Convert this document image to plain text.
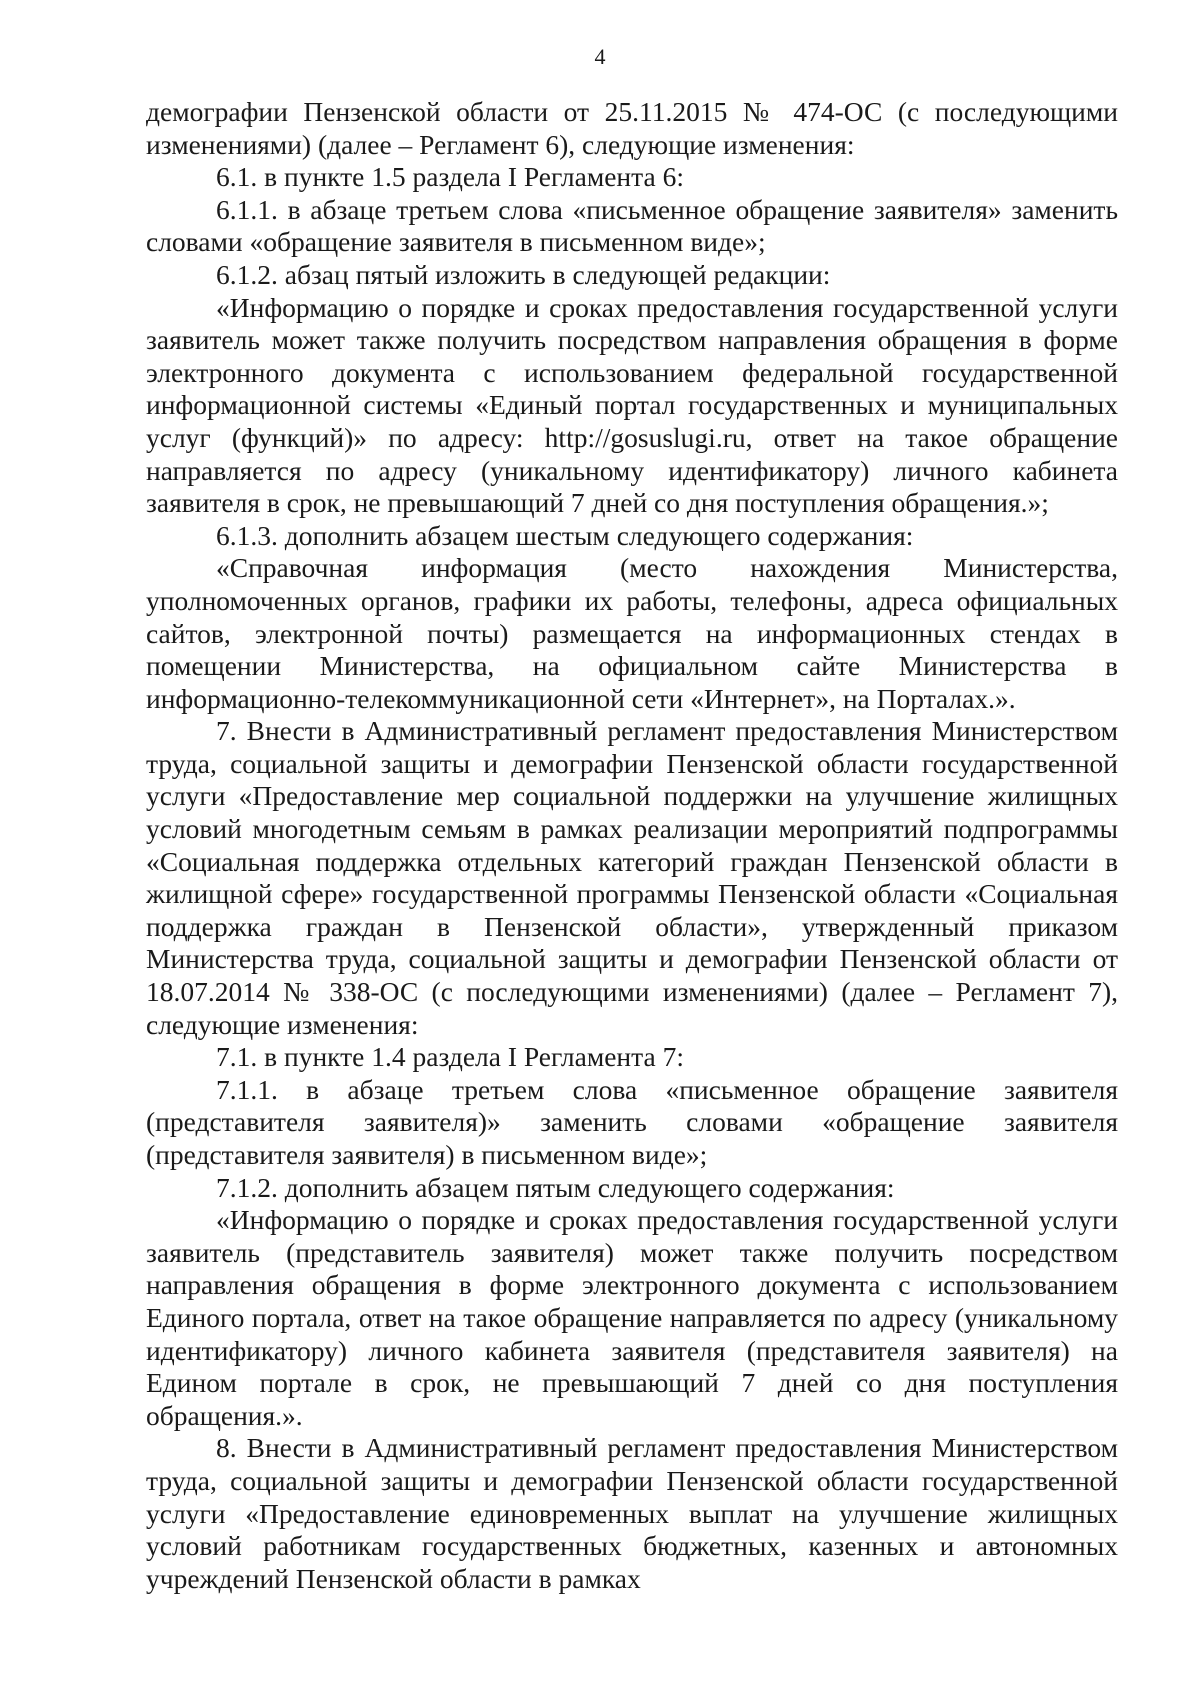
4

демографии Пензенской области от 25.11.2015 № 474-ОС (с последующими изменениями) (далее – Регламент 6), следующие изменения:

6.1. в пункте 1.5 раздела I Регламента 6:

6.1.1. в абзаце третьем слова «письменное обращение заявителя» заменить словами «обращение заявителя в письменном виде»;

6.1.2. абзац пятый изложить в следующей редакции:

«Информацию о порядке и сроках предоставления государственной услуги заявитель может также получить посредством направления обращения в форме электронного документа с использованием федеральной государственной информационной системы «Единый портал государственных и муниципальных услуг (функций)» по адресу: http://gosuslugi.ru, ответ на такое обращение направляется по адресу (уникальному идентификатору) личного кабинета заявителя в срок, не превышающий 7 дней со дня поступления обращения.»;

6.1.3. дополнить абзацем шестым следующего содержания:

«Справочная информация (место нахождения Министерства, уполномоченных органов, графики их работы, телефоны, адреса официальных сайтов, электронной почты) размещается на информационных стендах в помещении Министерства, на официальном сайте Министерства в информационно-телекоммуникационной сети «Интернет», на Порталах.».

7. Внести в Административный регламент предоставления Министерством труда, социальной защиты и демографии Пензенской области государственной услуги «Предоставление мер социальной поддержки на улучшение жилищных условий многодетным семьям в рамках реализации мероприятий подпрограммы «Социальная поддержка отдельных категорий граждан Пензенской области в жилищной сфере» государственной программы Пензенской области «Социальная поддержка граждан в Пензенской области», утвержденный приказом Министерства труда, социальной защиты и демографии Пензенской области от 18.07.2014 № 338-ОС (с последующими изменениями) (далее – Регламент 7), следующие изменения:

7.1. в пункте 1.4 раздела I Регламента 7:

7.1.1. в абзаце третьем слова «письменное обращение заявителя (представителя заявителя)» заменить словами «обращение заявителя (представителя заявителя) в письменном виде»;

7.1.2. дополнить абзацем пятым следующего содержания:

«Информацию о порядке и сроках предоставления государственной услуги заявитель (представитель заявителя) может также получить посредством направления обращения в форме электронного документа с использованием Единого портала, ответ на такое обращение направляется по адресу (уникальному идентификатору) личного кабинета заявителя (представителя заявителя) на Едином портале в срок, не превышающий 7 дней со дня поступления обращения.».

8. Внести в Административный регламент предоставления Министерством труда, социальной защиты и демографии Пензенской области государственной услуги «Предоставление единовременных выплат на улучшение жилищных условий работникам государственных бюджетных, казенных и автономных учреждений Пензенской области в рамках
